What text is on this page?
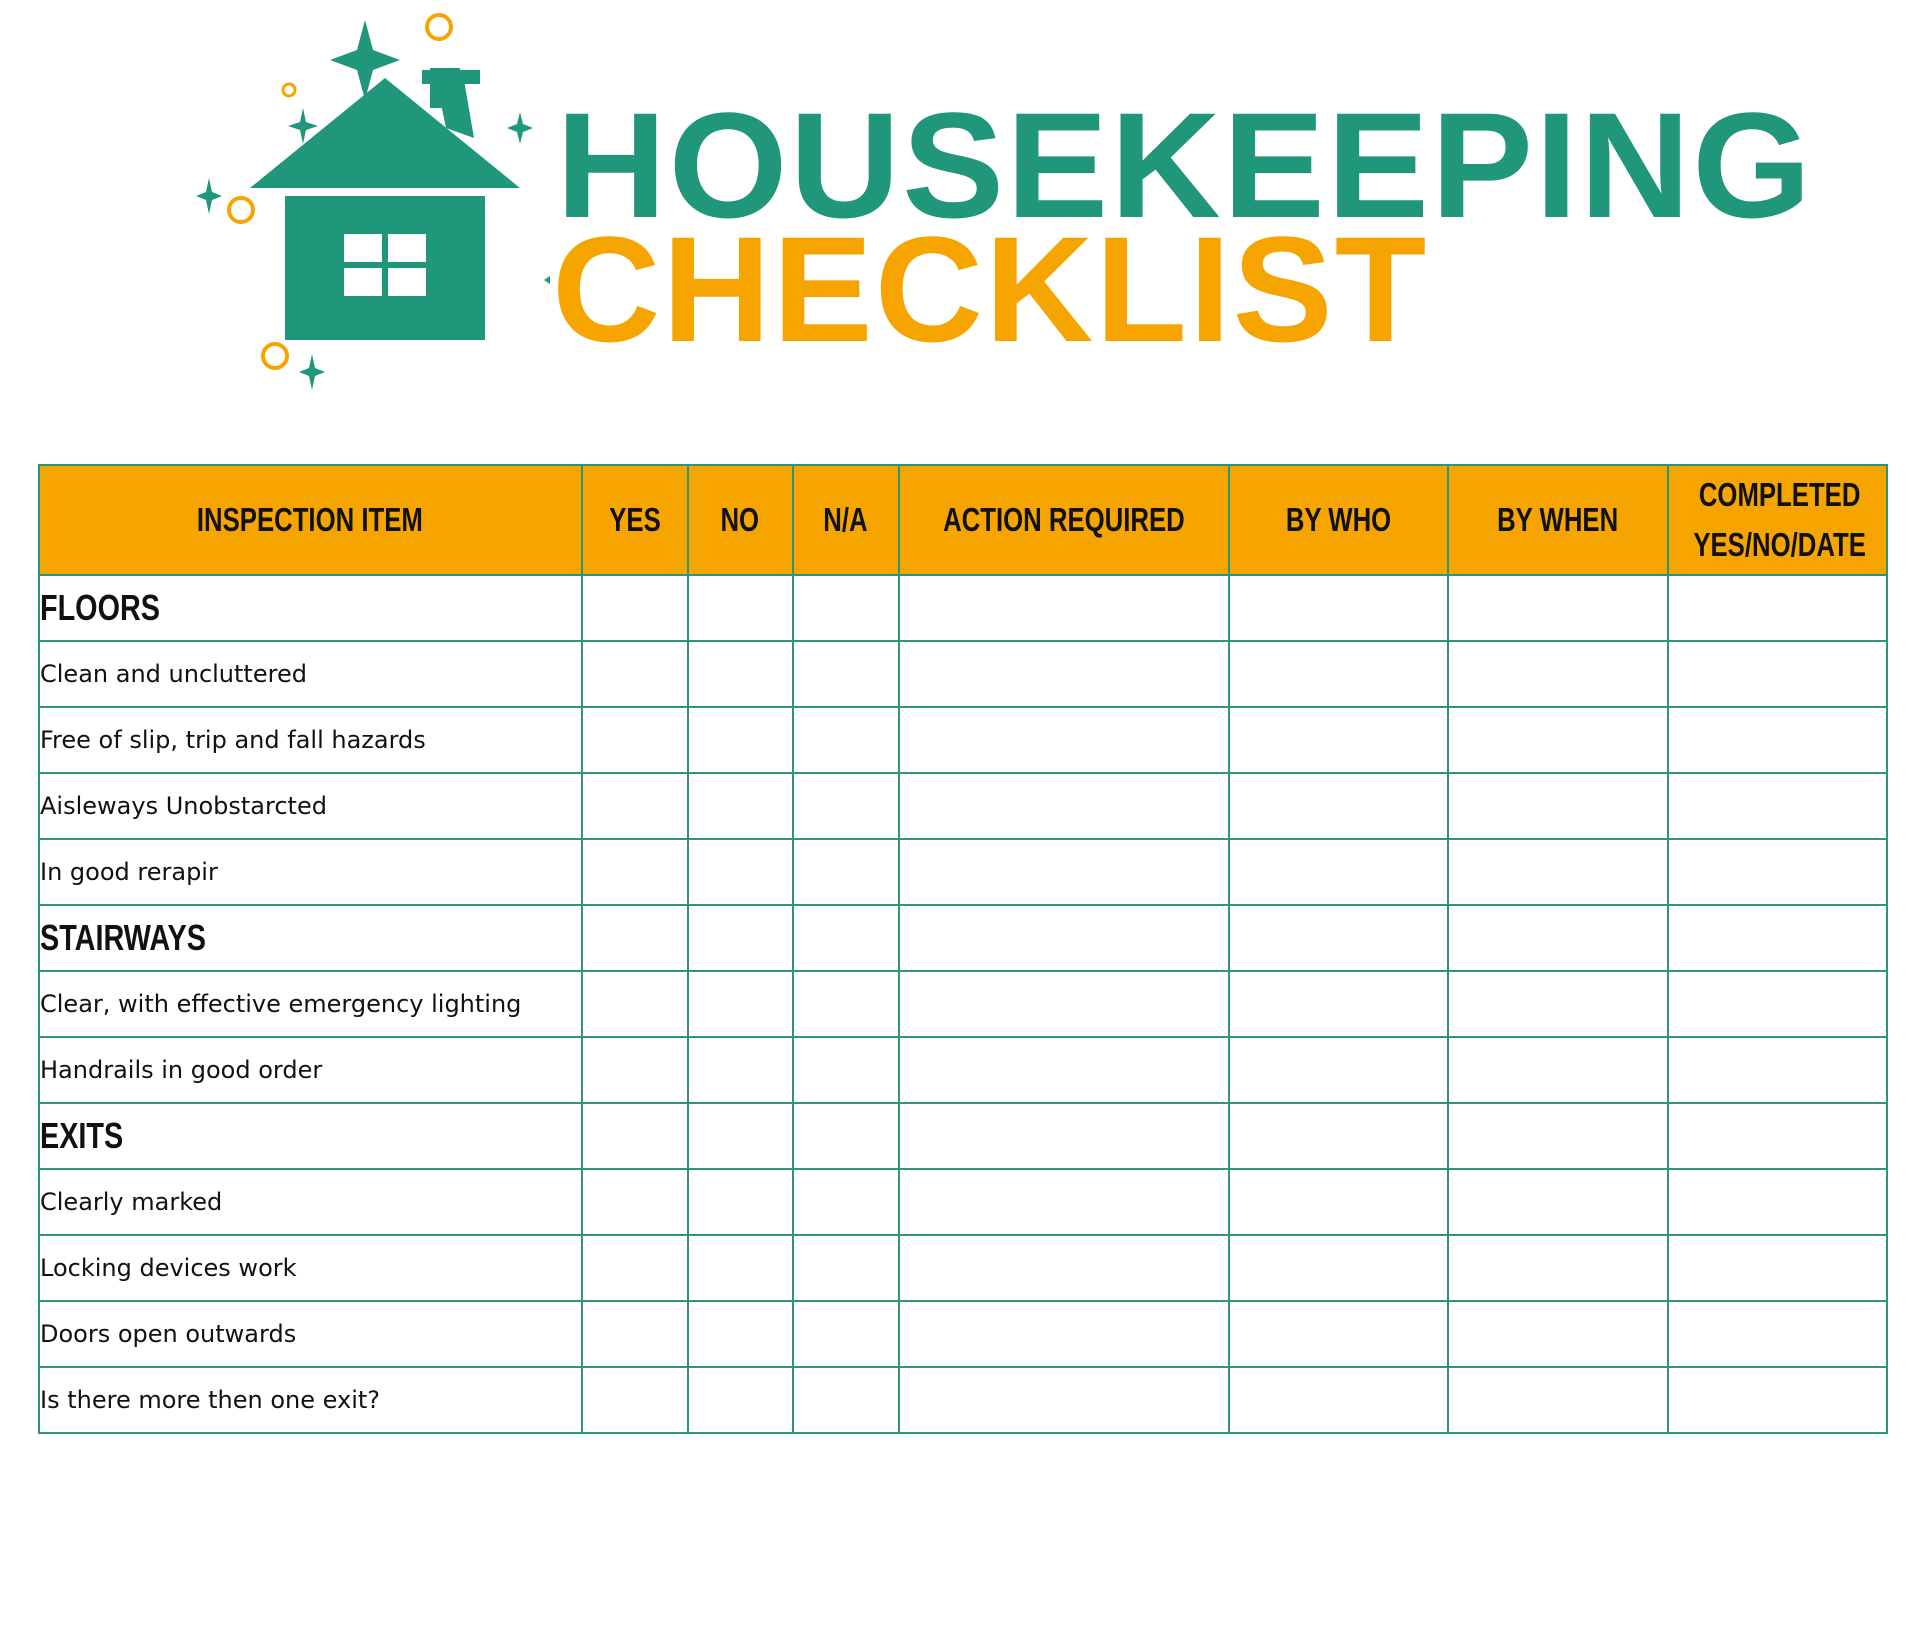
HOUSEKEEPING
CHECKLIST
INSPECTION ITEM	YES	NO	N/A	ACTION REQUIRED	BY WHO	BY WHEN	COMPLETED
YES/NO/DATE

FLOORS							
Clean and uncluttered							
Free of slip, trip and fall hazards							
Aisleways Unobstarcted							
In good rerapir							
STAIRWAYS							
Clear, with effective emergency lighting							
Handrails in good order							
EXITS							
Clearly marked							
Locking devices work							
Doors open outwards							
Is there more then one exit?							
